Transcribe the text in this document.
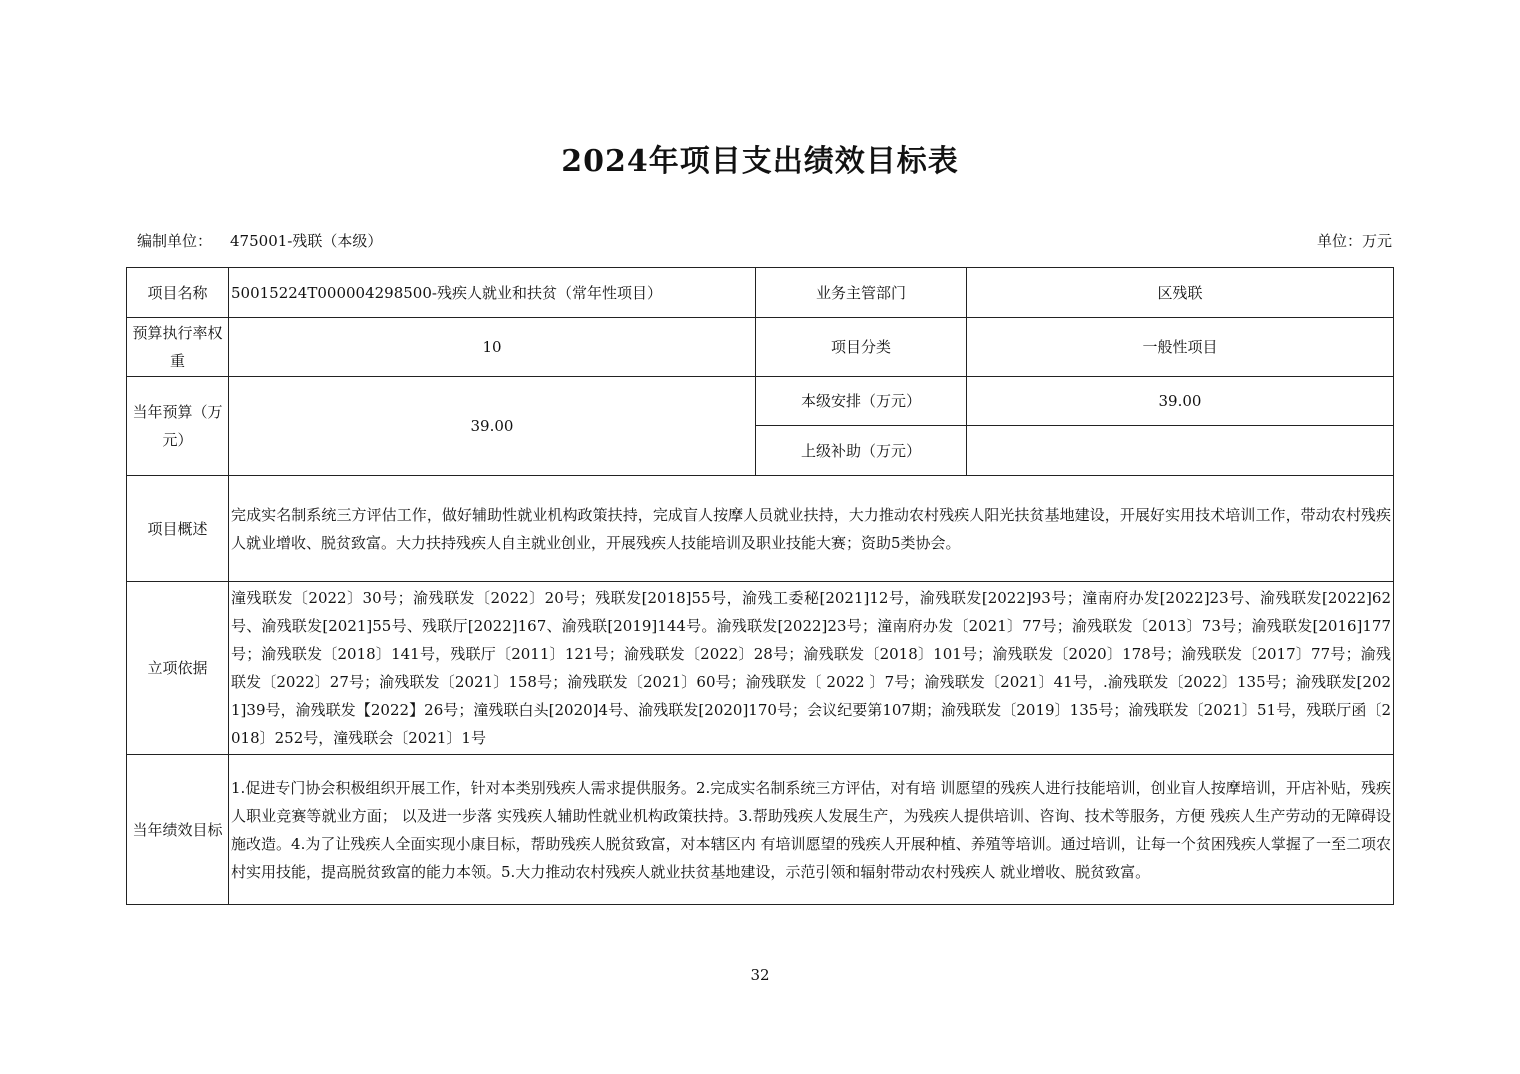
2024年项目支出绩效目标表
编制单位： 475001-残联（本级）	单位：万元
项目名称	50015224T000004298500-残疾人就业和扶贫（常年性项目）	业务主管部门	区残联
预算执行率权重	10	项目分类	一般性项目
当年预算（万元）	39.00	本级安排（万元）	39.00
		上级补助（万元）	
项目概述	完成实名制系统三方评估工作，做好辅助性就业机构政策扶持，完成盲人按摩人员就业扶持，大力推动农村残疾人阳光扶贫基地建设，开展好实用技术培训工作，带动农村残疾人就业增收、脱贫致富。大力扶持残疾人自主就业创业，开展残疾人技能培训及职业技能大赛；资助5类协会。		
立项依据	潼残联发〔2022〕30号；渝残联发〔2022〕20号；残联发[2018]55号，渝残工委秘[2021]12号，渝残联发[2022]93号；潼南府办发[2022]23号、渝残联发[2022]62号、渝残联发[2021]55号、残联厅[2022]167、渝残联[2019]144号。渝残联发[2022]23号；潼南府办发〔2021〕77号；渝残联发〔2013〕73号；渝残联发[2016]177号；渝残联发〔2018〕141号，残联厅〔2011〕121号；渝残联发〔2022〕28号；渝残联发〔2018〕101号；渝残联发〔2020〕178号；渝残联发〔2017〕77号；渝残联发〔2022〕27号；渝残联发〔2021〕158号；渝残联发〔2021〕60号；渝残联发〔 2022 〕7号；渝残联发〔2021〕41号，.渝残联发〔2022〕135号；渝残联发[2021]39号，渝残联发【2022】26号；潼残联白头[2020]4号、渝残联发[2020]170号；会议纪要第107期；渝残联发〔2019〕135号；渝残联发〔2021〕51号，残联厅函〔2018〕252号，潼残联会〔2021〕1号		
当年绩效目标	1.促进专门协会积极组织开展工作，针对本类别残疾人需求提供服务。2.完成实名制系统三方评估，对有培 训愿望的残疾人进行技能培训，创业盲人按摩培训，开店补贴，残疾人职业竞赛等就业方面； 以及进一步落 实残疾人辅助性就业机构政策扶持。3.帮助残疾人发展生产，为残疾人提供培训、咨询、技术等服务，方便 残疾人生产劳动的无障碍设施改造。4.为了让残疾人全面实现小康目标，帮助残疾人脱贫致富，对本辖区内 有培训愿望的残疾人开展种植、养殖等培训。通过培训，让每一个贫困残疾人掌握了一至二项农村实用技能，提高脱贫致富的能力本领。5.大力推动农村残疾人就业扶贫基地建设，示范引领和辐射带动农村残疾人 就业增收、脱贫致富。		
32
